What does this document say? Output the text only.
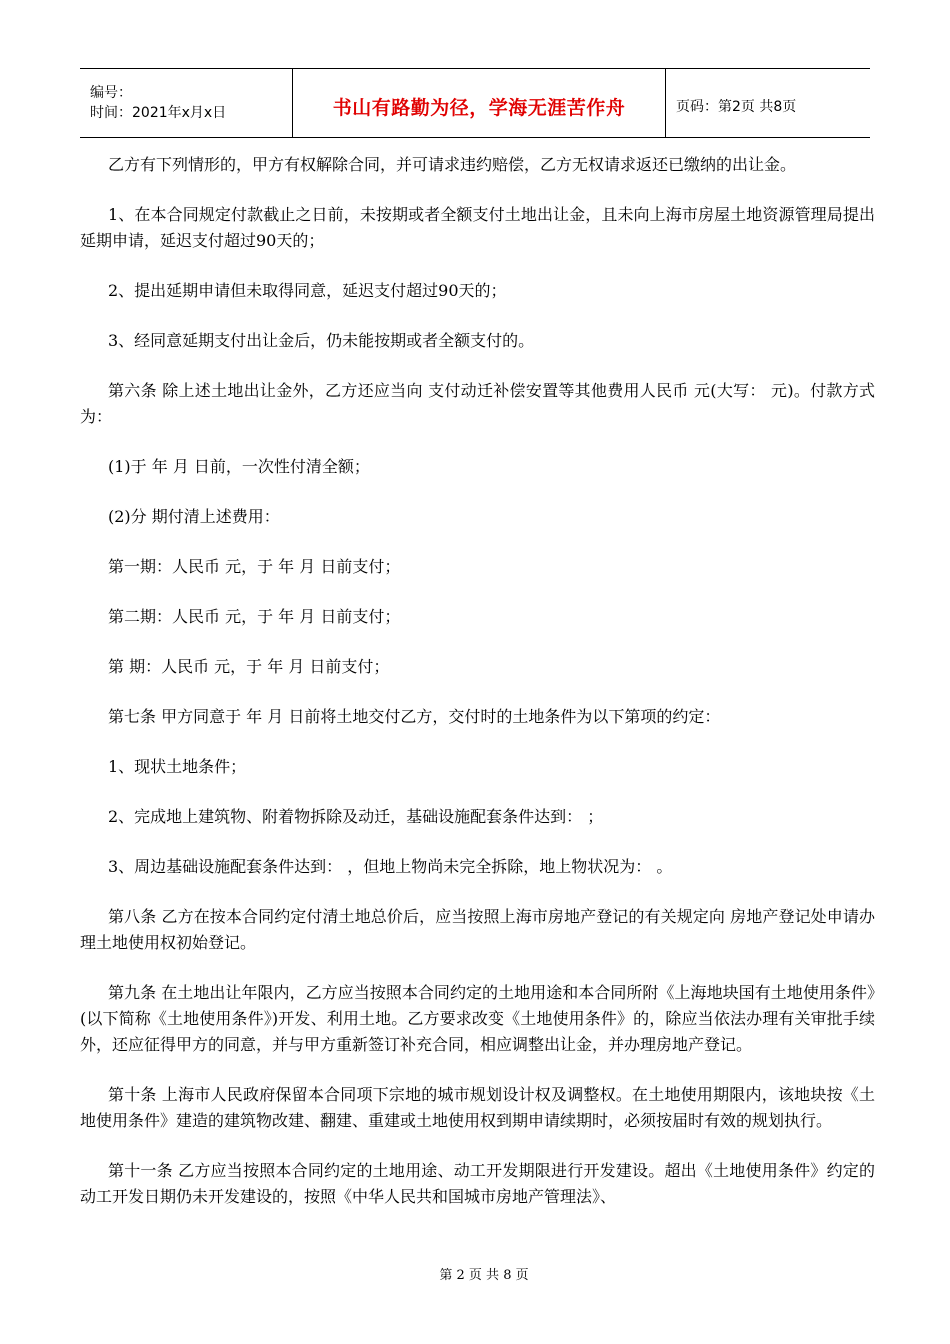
编号：
时间：2021年x月x日	书山有路勤为径，学海无涯苦作舟	页码：第2页 共8页

乙方有下列情形的，甲方有权解除合同，并可请求违约赔偿，乙方无权请求返还已缴纳的出让金。

1、在本合同规定付款截止之日前，未按期或者全额支付土地出让金，且未向上海市房屋土地资源管理局提出延期申请，延迟支付超过90天的；

2、提出延期申请但未取得同意，延迟支付超过90天的；

3、经同意延期支付出让金后，仍未能按期或者全额支付的。

第六条 除上述土地出让金外，乙方还应当向 支付动迁补偿安置等其他费用人民币 元(大写： 元)。付款方式为：

(1)于 年 月 日前，一次性付清全额；

(2)分 期付清上述费用：

第一期：人民币 元，于 年 月 日前支付；

第二期：人民币 元，于 年 月 日前支付；

第 期：人民币 元，于 年 月 日前支付；

第七条 甲方同意于 年 月 日前将土地交付乙方，交付时的土地条件为以下第项的约定：

1、现状土地条件；

2、完成地上建筑物、附着物拆除及动迁，基础设施配套条件达到： ；

3、周边基础设施配套条件达到： ，但地上物尚未完全拆除，地上物状况为： 。

第八条 乙方在按本合同约定付清土地总价后，应当按照上海市房地产登记的有关规定向 房地产登记处申请办理土地使用权初始登记。

第九条 在土地出让年限内，乙方应当按照本合同约定的土地用途和本合同所附《上海地块国有土地使用条件》(以下简称《土地使用条件》)开发、利用土地。乙方要求改变《土地使用条件》的，除应当依法办理有关审批手续外，还应征得甲方的同意，并与甲方重新签订补充合同，相应调整出让金，并办理房地产登记。

第十条 上海市人民政府保留本合同项下宗地的城市规划设计权及调整权。在土地使用期限内，该地块按《土地使用条件》建造的建筑物改建、翻建、重建或土地使用权到期申请续期时，必须按届时有效的规划执行。

第十一条 乙方应当按照本合同约定的土地用途、动工开发期限进行开发建设。超出《土地使用条件》约定的动工开发日期仍未开发建设的，按照《中华人民共和国城市房地产管理法》、

第 2 页 共 8 页
